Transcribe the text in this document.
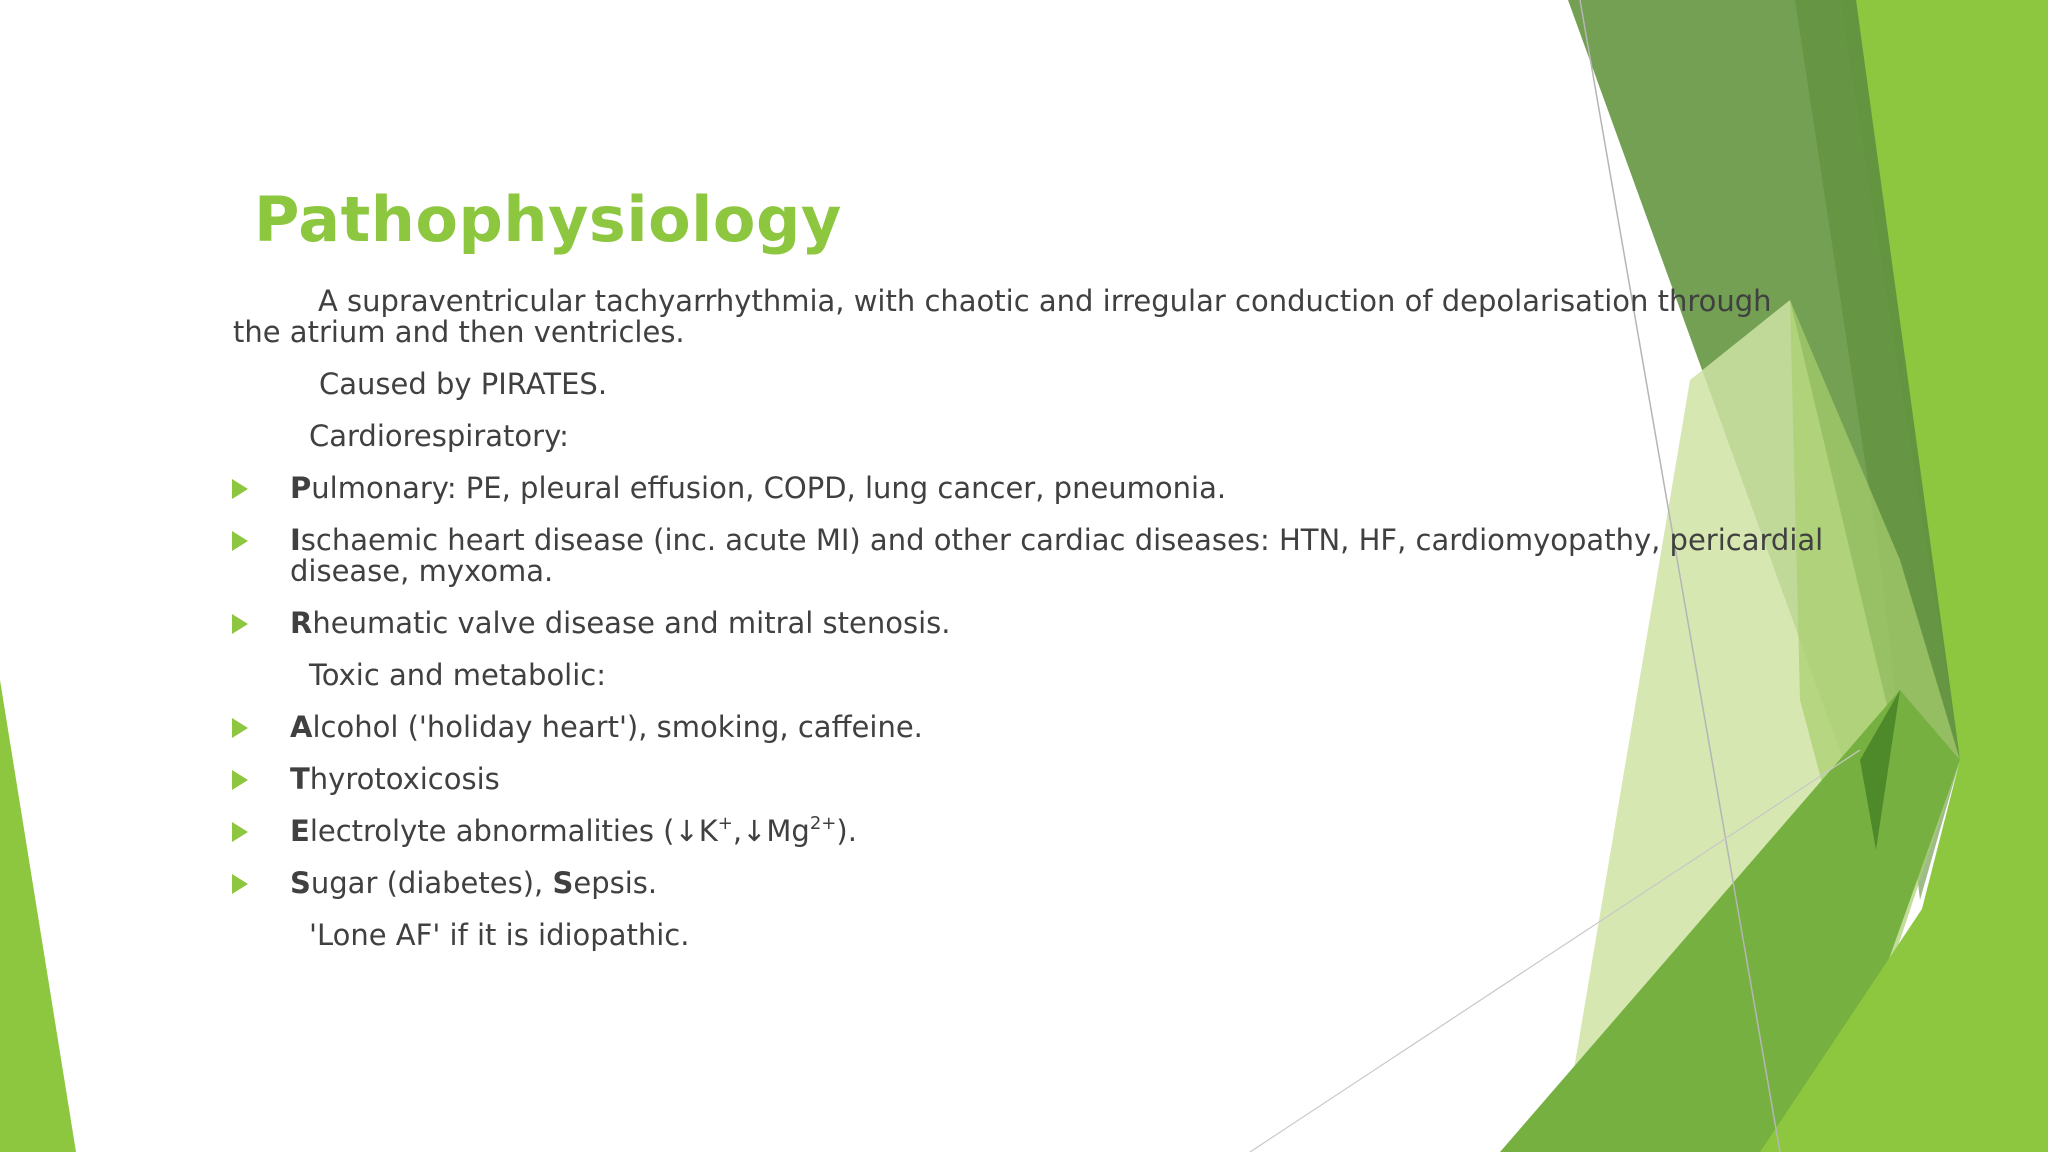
Pathophysiology
A supraventricular tachyarrhythmia, with chaotic and irregular conduction of depolarisation through
the atrium and then ventricles.
Caused by PIRATES.
Cardiorespiratory:
Pulmonary: PE, pleural effusion, COPD, lung cancer, pneumonia.
Ischaemic heart disease (inc. acute MI) and other cardiac diseases: HTN, HF, cardiomyopathy, pericardial
disease, myxoma.
Rheumatic valve disease and mitral stenosis.
Toxic and metabolic:
Alcohol ('holiday heart'), smoking, caffeine.
Thyrotoxicosis
Electrolyte abnormalities $(↓K^+,↓Mg^{2+})$.
Sugar (diabetes), Sepsis.
'Lone AF' if it is idiopathic.
